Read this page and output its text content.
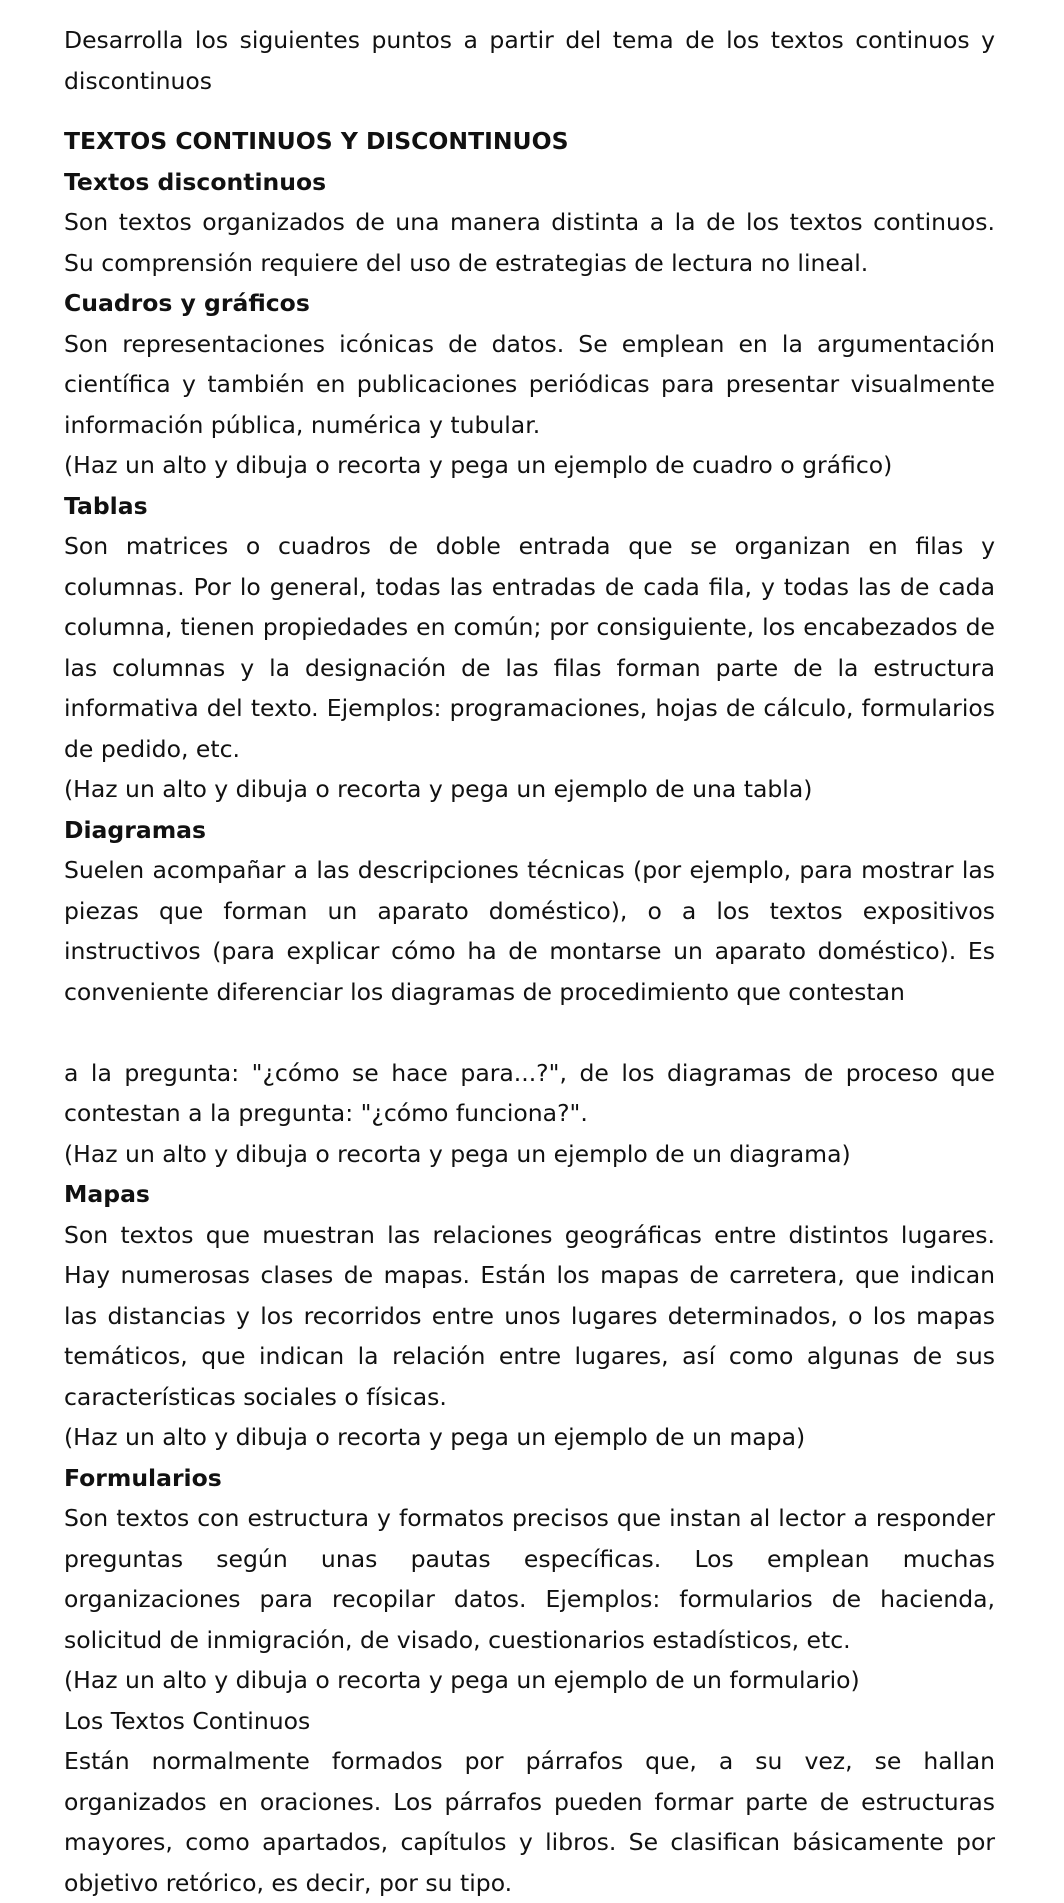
Desarrolla los siguientes puntos a partir del tema de los textos continuos y discontinuos

TEXTOS CONTINUOS Y DISCONTINUOS

Textos discontinuos

Son textos organizados de una manera distinta a la de los textos continuos. Su comprensión requiere del uso de estrategias de lectura no lineal.

Cuadros y gráficos

Son representaciones icónicas de datos. Se emplean en la argumentación científica y también en publicaciones periódicas para presentar visualmente información pública, numérica y tubular.

(Haz un alto y dibuja o recorta y pega un ejemplo de cuadro o gráfico)

Tablas

Son matrices o cuadros de doble entrada que se organizan en filas y columnas. Por lo general, todas las entradas de cada fila, y todas las de cada columna, tienen propiedades en común; por consiguiente, los encabezados de las columnas y la designación de las filas forman parte de la estructura informativa del texto. Ejemplos: programaciones, hojas de cálculo, formularios de pedido, etc.

(Haz un alto y dibuja o recorta y pega un ejemplo de una tabla)

Diagramas

Suelen acompañar a las descripciones técnicas (por ejemplo, para mostrar las piezas que forman un aparato doméstico), o a los textos expositivos instructivos (para explicar cómo ha de montarse un aparato doméstico). Es conveniente diferenciar los diagramas de procedimiento que contestan

a la pregunta: "¿cómo se hace para...?", de los diagramas de proceso que contestan a la pregunta: "¿cómo funciona?".

(Haz un alto y dibuja o recorta y pega un ejemplo de un diagrama)

Mapas

Son textos que muestran las relaciones geográficas entre distintos lugares. Hay numerosas clases de mapas. Están los mapas de carretera, que indican las distancias y los recorridos entre unos lugares determinados, o los mapas temáticos, que indican la relación entre lugares, así como algunas de sus características sociales o físicas.

(Haz un alto y dibuja o recorta y pega un ejemplo de un mapa)

Formularios

Son textos con estructura y formatos precisos que instan al lector a responder preguntas según unas pautas específicas. Los emplean muchas organizaciones para recopilar datos. Ejemplos: formularios de hacienda, solicitud de inmigración, de visado, cuestionarios estadísticos, etc.

(Haz un alto y dibuja o recorta y pega un ejemplo de un formulario)

Los Textos Continuos

Están normalmente formados por párrafos que, a su vez, se hallan organizados en oraciones. Los párrafos pueden formar parte de estructuras mayores, como apartados, capítulos y libros. Se clasifican básicamente por objetivo retórico, es decir, por su tipo.
